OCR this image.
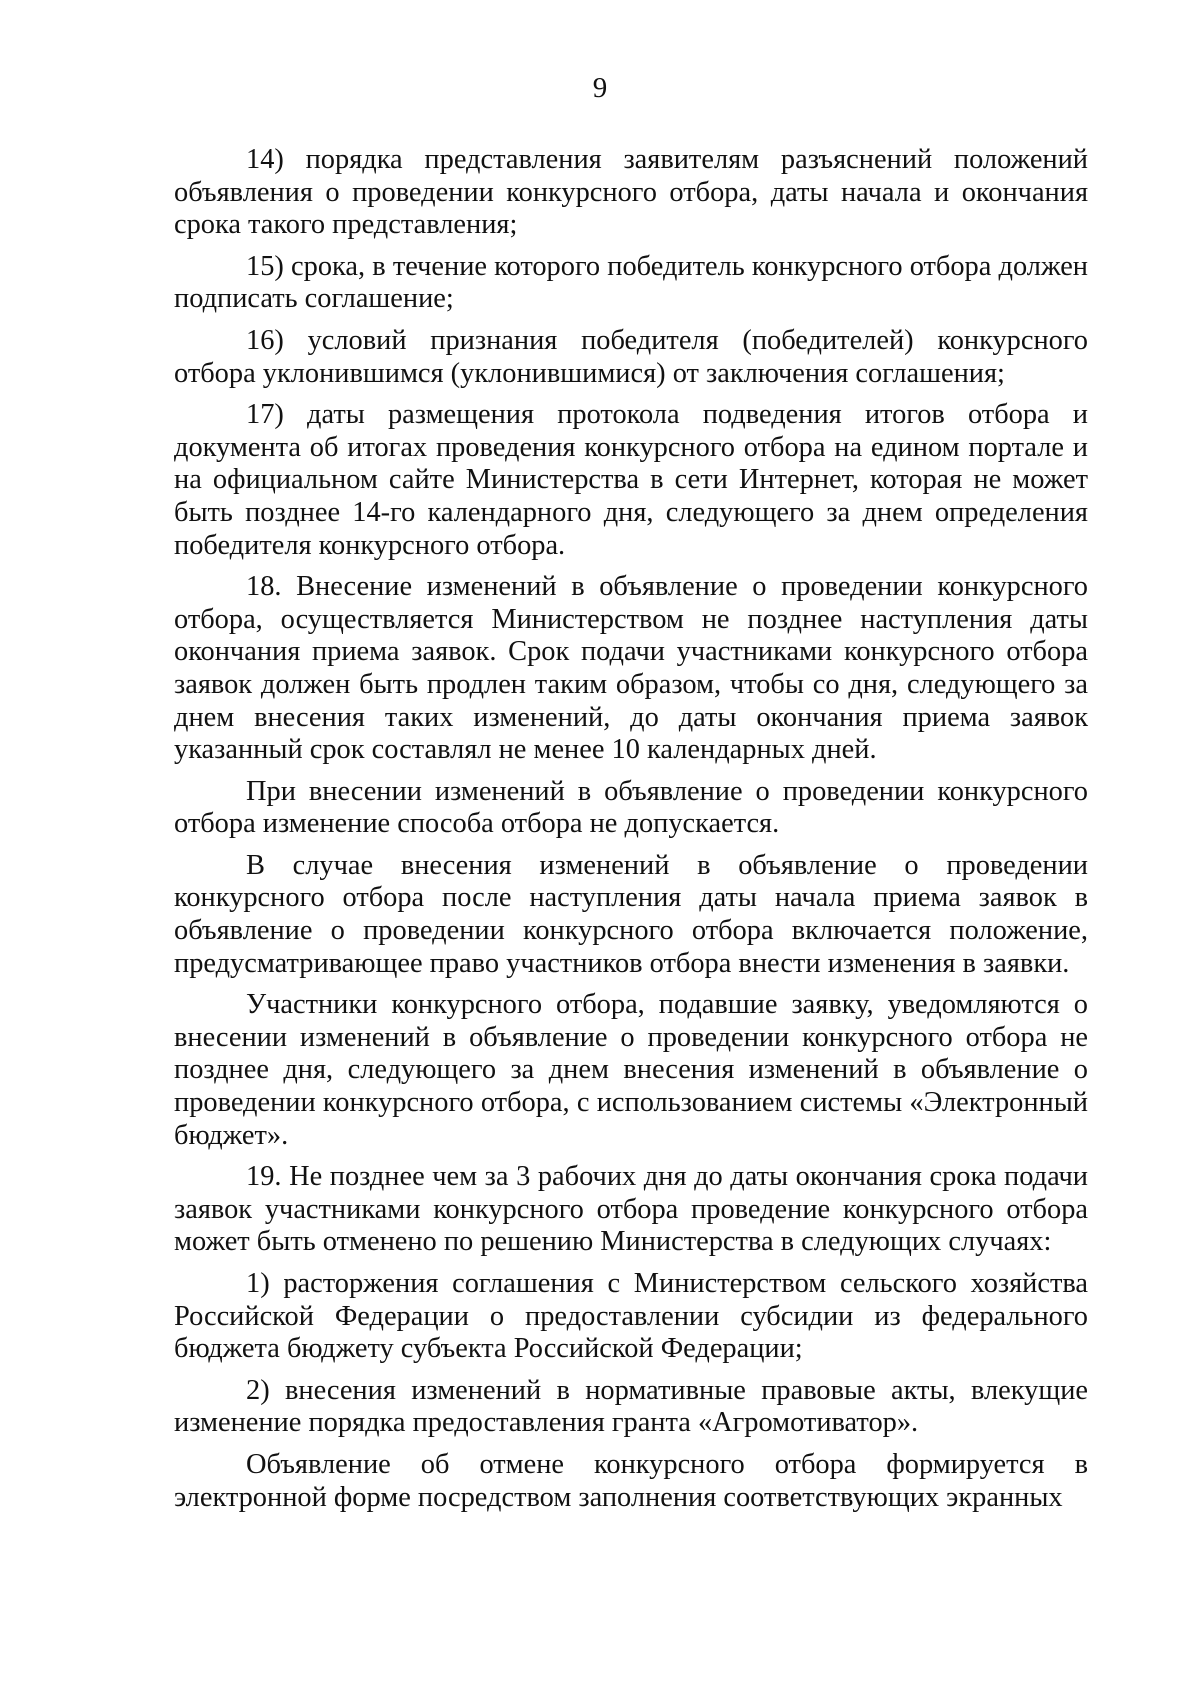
9

14) порядка представления заявителям разъяснений положений объявления о проведении конкурсного отбора, даты начала и окончания срока такого представления;

15) срока, в течение которого победитель конкурсного отбора должен подписать соглашение;

16) условий признания победителя (победителей) конкурсного отбора уклонившимся (уклонившимися) от заключения соглашения;

17) даты размещения протокола подведения итогов отбора и документа об итогах проведения конкурсного отбора на едином портале и на официальном сайте Министерства в сети Интернет, которая не может быть позднее 14-го календарного дня, следующего за днем определения победителя конкурсного отбора.

18. Внесение изменений в объявление о проведении конкурсного отбора, осуществляется Министерством не позднее наступления даты окончания приема заявок. Срок подачи участниками конкурсного отбора заявок должен быть продлен таким образом, чтобы со дня, следующего за днем внесения таких изменений, до даты окончания приема заявок указанный срок составлял не менее 10 календарных дней.

При внесении изменений в объявление о проведении конкурсного отбора изменение способа отбора не допускается.

В случае внесения изменений в объявление о проведении конкурсного отбора после наступления даты начала приема заявок в объявление о проведении конкурсного отбора включается положение, предусматривающее право участников отбора внести изменения в заявки.

Участники конкурсного отбора, подавшие заявку, уведомляются о внесении изменений в объявление о проведении конкурсного отбора не позднее дня, следующего за днем внесения изменений в объявление о проведении конкурсного отбора, с использованием системы «Электронный бюджет».

19. Не позднее чем за 3 рабочих дня до даты окончания срока подачи заявок участниками конкурсного отбора проведение конкурсного отбора может быть отменено по решению Министерства в следующих случаях:

1) расторжения соглашения с Министерством сельского хозяйства Российской Федерации о предоставлении субсидии из федерального бюджета бюджету субъекта Российской Федерации;

2) внесения изменений в нормативные правовые акты, влекущие изменение порядка предоставления гранта «Агромотиватор».

Объявление об отмене конкурсного отбора формируется в электронной форме посредством заполнения соответствующих экранных
